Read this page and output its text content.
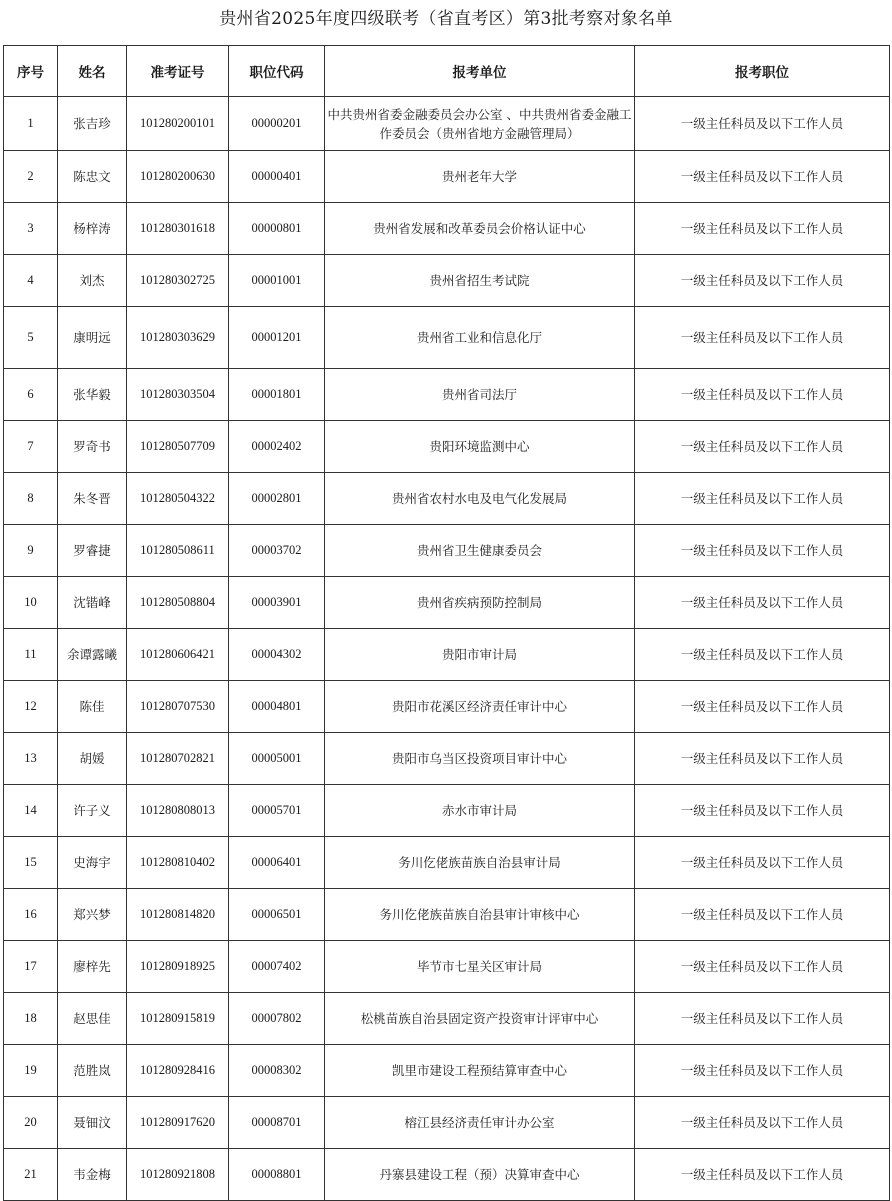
贵州省2025年度四级联考（省直考区）第3批考察对象名单
序号	姓名	准考证号	职位代码	报考单位	报考职位
1	张吉珍	101280200101	00000201	中共贵州省委金融委员会办公室 、中共贵州省委金融工作委员会（贵州省地方金融管理局）	一级主任科员及以下工作人员
2	陈忠文	101280200630	00000401	贵州老年大学	一级主任科员及以下工作人员
3	杨梓涛	101280301618	00000801	贵州省发展和改革委员会价格认证中心	一级主任科员及以下工作人员
4	刘杰	101280302725	00001001	贵州省招生考试院	一级主任科员及以下工作人员
5	康明远	101280303629	00001201	贵州省工业和信息化厅	一级主任科员及以下工作人员
6	张华毅	101280303504	00001801	贵州省司法厅	一级主任科员及以下工作人员
7	罗奇书	101280507709	00002402	贵阳环境监测中心	一级主任科员及以下工作人员
8	朱冬晋	101280504322	00002801	贵州省农村水电及电气化发展局	一级主任科员及以下工作人员
9	罗睿捷	101280508611	00003702	贵州省卫生健康委员会	一级主任科员及以下工作人员
10	沈锴峰	101280508804	00003901	贵州省疾病预防控制局	一级主任科员及以下工作人员
11	余谭露曦	101280606421	00004302	贵阳市审计局	一级主任科员及以下工作人员
12	陈佳	101280707530	00004801	贵阳市花溪区经济责任审计中心	一级主任科员及以下工作人员
13	胡媛	101280702821	00005001	贵阳市乌当区投资项目审计中心	一级主任科员及以下工作人员
14	许子义	101280808013	00005701	赤水市审计局	一级主任科员及以下工作人员
15	史海宇	101280810402	00006401	务川仡佬族苗族自治县审计局	一级主任科员及以下工作人员
16	郑兴梦	101280814820	00006501	务川仡佬族苗族自治县审计审核中心	一级主任科员及以下工作人员
17	廖梓先	101280918925	00007402	毕节市七星关区审计局	一级主任科员及以下工作人员
18	赵思佳	101280915819	00007802	松桃苗族自治县固定资产投资审计评审中心	一级主任科员及以下工作人员
19	范胜岚	101280928416	00008302	凯里市建设工程预结算审查中心	一级主任科员及以下工作人员
20	聂钿汶	101280917620	00008701	榕江县经济责任审计办公室	一级主任科员及以下工作人员
21	韦金梅	101280921808	00008801	丹寨县建设工程（预）决算审查中心	一级主任科员及以下工作人员
